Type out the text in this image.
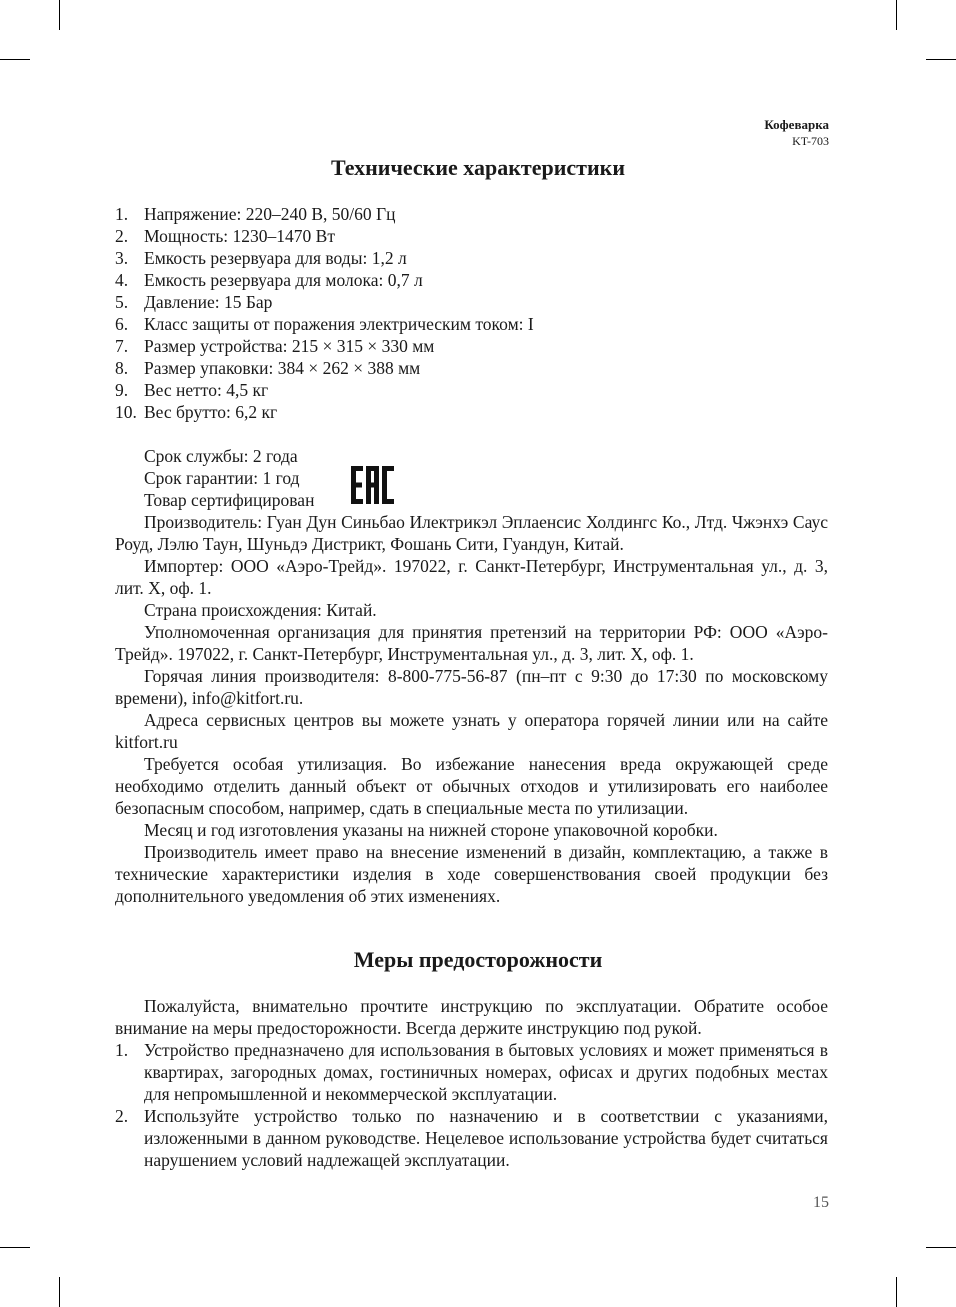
Кофеварка
KT-703
Технические характеристики
1. Напряжение: 220–240 В, 50/60 Гц
2. Мощность: 1230–1470 Вт
3. Емкость резервуара для воды: 1,2 л
4. Емкость резервуара для молока: 0,7 л
5. Давление: 15 Бар
6. Класс защиты от поражения электрическим током: I
7. Размер устройства: 215 × 315 × 330 мм
8. Размер упаковки: 384 × 262 × 388 мм
9. Вес нетто: 4,5 кг
10. Вес брутто: 6,2 кг
Срок службы: 2 года
Срок гарантии: 1 год
Товар сертифицирован

Производитель: Гуан Дун Синьбао Илектрикэл Эплаенсис Холдингс Ко., Лтд. Чжэнхэ Саус Роуд, Лэлю Таун, Шуньдэ Дистрикт, Фошань Сити, Гуандун, Китай.

Импортер: ООО «Аэро-Трейд». 197022, г. Санкт-Петербург, Инструментальная ул., д. 3, лит. Х, оф. 1.

Страна происхождения: Китай.

Уполномоченная организация для принятия претензий на территории РФ: ООО «Аэро-Трейд». 197022, г. Санкт-Петербург, Инструментальная ул., д. 3, лит. Х, оф. 1.

Горячая линия производителя: 8-800-775-56-87 (пн–пт с 9:30 до 17:30 по московскому времени), info@kitfort.ru.

Адреса сервисных центров вы можете узнать у оператора горячей линии или на сайте kitfort.ru

Требуется особая утилизация. Во избежание нанесения вреда окружающей среде необходимо отделить данный объект от обычных отходов и утилизировать его наиболее безопасным способом, например, сдать в специальные места по утилизации.

Месяц и год изготовления указаны на нижней стороне упаковочной коробки.

Производитель имеет право на внесение изменений в дизайн, комплектацию, а также в технические характеристики изделия в ходе совершенствования своей продукции без дополнительного уведомления об этих изменениях.

Меры предосторожности

Пожалуйста, внимательно прочтите инструкцию по эксплуатации. Обратите особое внимание на меры предосторожности. Всегда держите инструкцию под рукой.

1. Устройство предназначено для использования в бытовых условиях и может применяться в квартирах, загородных домах, гостиничных номерах, офисах и других подобных местах для непромышленной и некоммерческой эксплуатации.
2. Используйте устройство только по назначению и в соответствии с указаниями, изложенными в данном руководстве. Нецелевое использование устройства будет считаться нарушением условий надлежащей эксплуатации.
15
